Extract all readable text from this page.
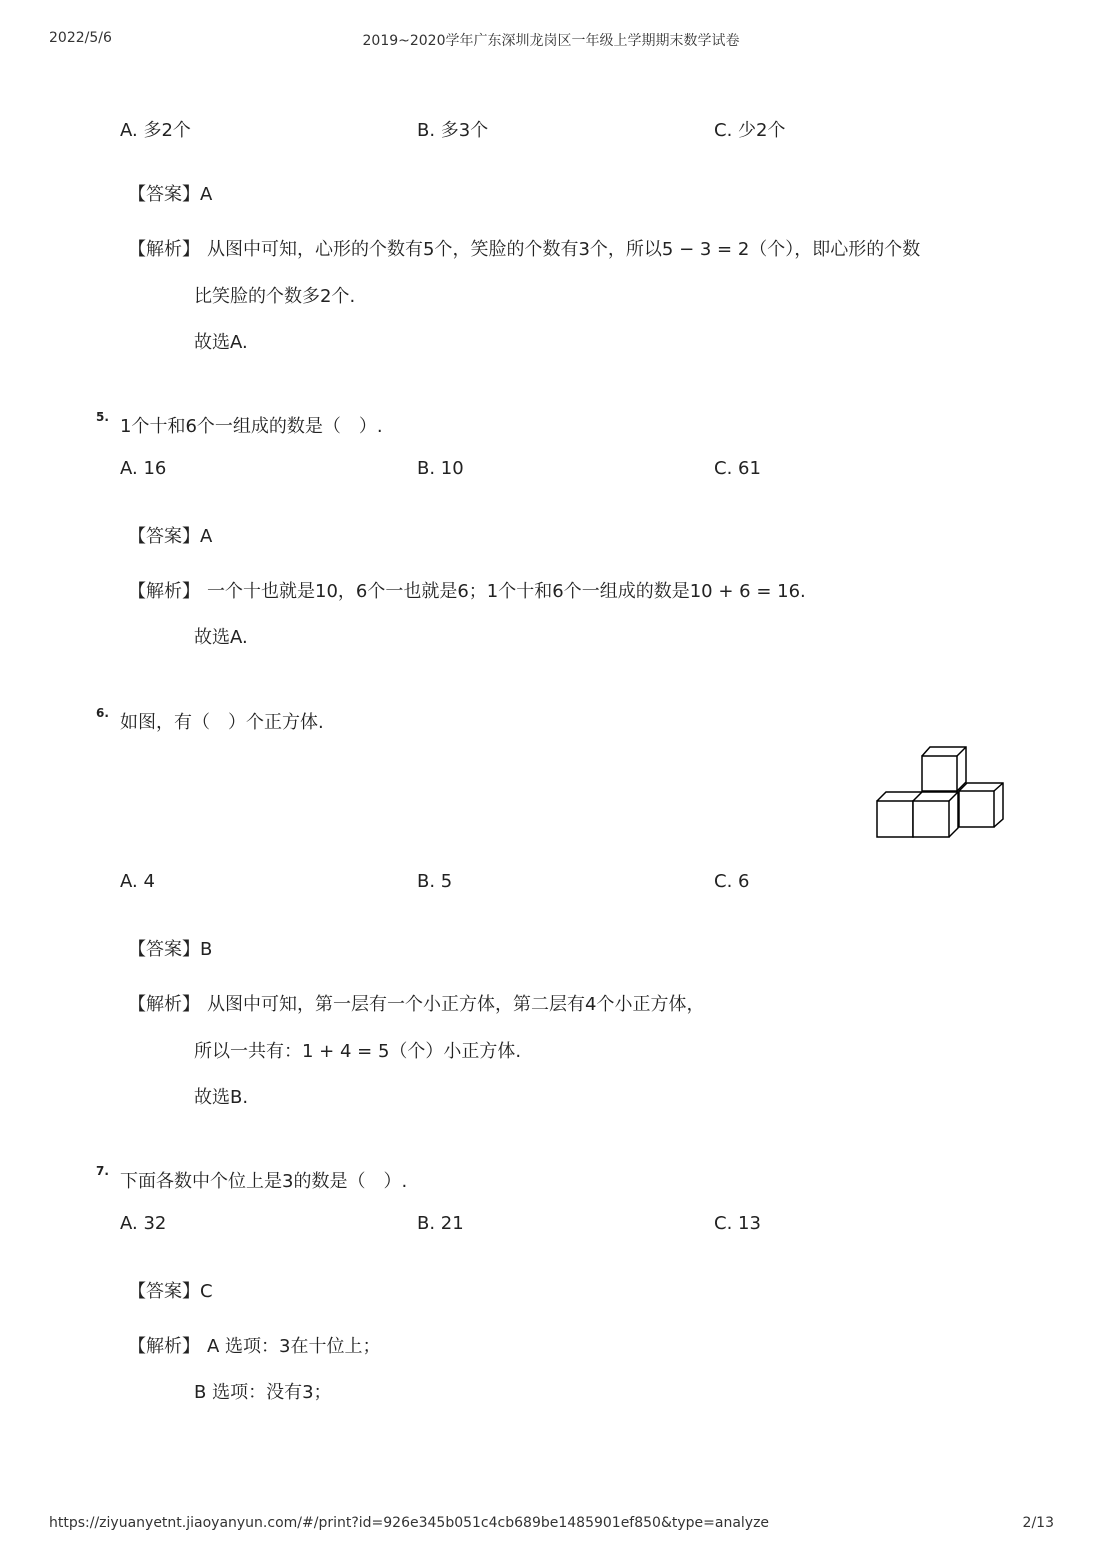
2022/5/6	2019~2020学年广东深圳龙岗区一年级上学期期末数学试卷
A. 多2个	B. 多3个	C. 少2个
【答案】A
【解析】 从图中可知，心形的个数有5个，笑脸的个数有3个，所以5 − 3 = 2（个），即心形的个数
比笑脸的个数多2个.
故选A.
5. 1个十和6个一组成的数是（　）.
A. 16	B. 10	C. 61
【答案】A
【解析】 一个十也就是10，6个一也就是6；1个十和6个一组成的数是10 + 6 = 16.
故选A.
6. 如图，有（　）个正方体.
A. 4	B. 5	C. 6
【答案】B
【解析】 从图中可知，第一层有一个小正方体，第二层有4个小正方体，
所以一共有：1 + 4 = 5（个）小正方体.
故选B.
7. 下面各数中个位上是3的数是（　）.
A. 32	B. 21	C. 13
【答案】C
【解析】 A 选项：3在十位上；
B 选项：没有3；
https://ziyuanyetnt.jiaoyanyun.com/#/print?id=926e345b051c4cb689be1485901ef850&type=analyze	2/13
